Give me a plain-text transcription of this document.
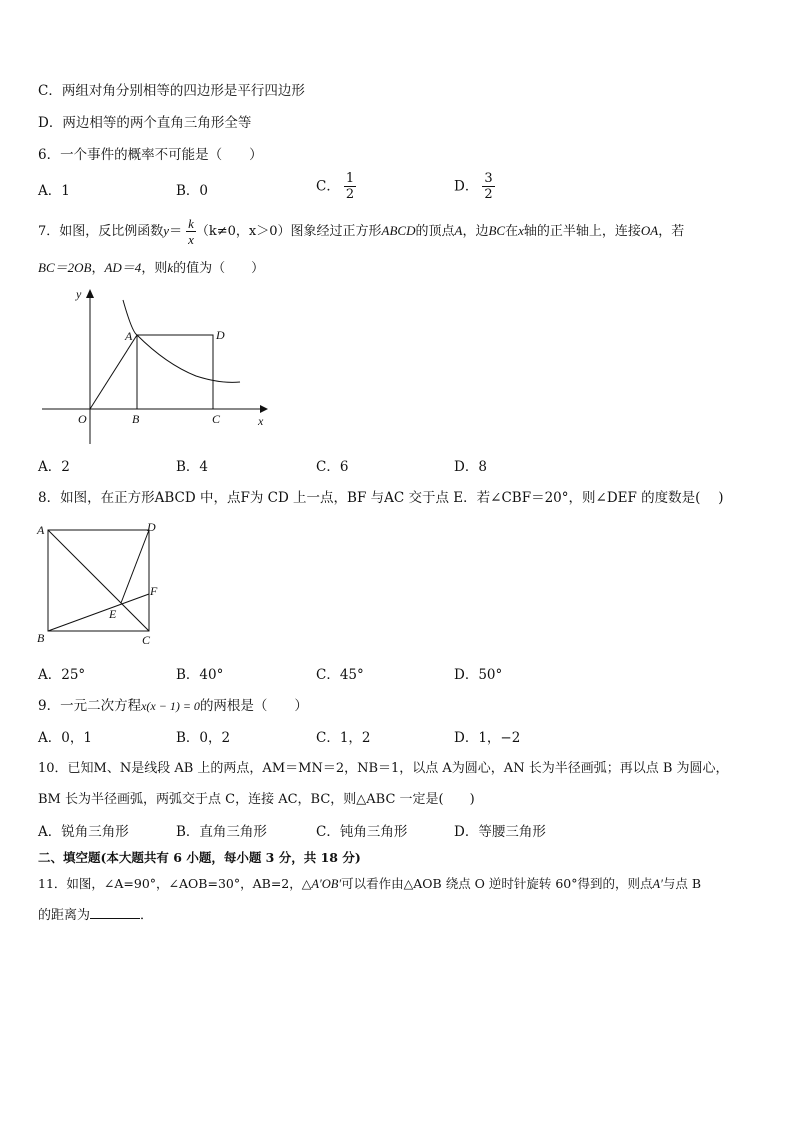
C．两组对角分别相等的四边形是平行四边形
D．两边相等的两个直角三角形全等
6．一个事件的概率不可能是（　　）
A．1	B．0	C． $\frac{1}{2}$	D． $\frac{3}{2}$
7．如图，反比例函数$y= \frac{k}{x} (k\ne 0$，x＞0）图象经过正方形ABCD的顶点A，边BC在x轴的正半轴上，连接OA，若
BC＝2OB，AD＝4，则k的值为（　　）
y
x
O
A
B	C
D
A．2	B．4	C．6	D．8
8．如图，在正方形ABCD 中，点F为 CD 上一点，BF 与AC 交于点 E．若∠CBF＝20°，则∠DEF 的度数是(　 )
A	D
F
E
B	C
A．25°	B．40°	C．45°	D．50°
9．一元二次方程x(x − 1) = 0的两根是（　　）
A．0，1	B．0，2	C．1，2	D．1，−2
10．已知M、N是线段 AB 上的两点，AM＝MN＝2，NB＝1，以点 A为圆心，AN 长为半径画弧；再以点 B 为圆心，
BM 长为半径画弧，两弧交于点 C，连接 AC，BC，则△ABC 一定是(　　)
A．锐角三角形	B．直角三角形	C．钝角三角形	D．等腰三角形
二、填空题(本大题共有 6 小题，每小题 3 分，共 18 分)
11．如图，∠A=90°，∠AOB=30°，AB=2，△A′OB′可以看作由△AOB 绕点 O 逆时针旋转 60°得到的，则点A′与点 B
的距离为	．
